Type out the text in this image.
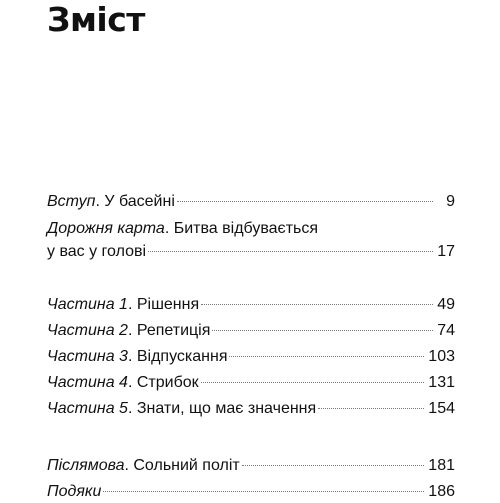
Зміст
Вступ. У басейні	9
Дорожня карта. Битва відбувається
у вас у голові	17
Частина 1. Рішення	49
Частина 2. Репетиція	74
Частина 3. Відпускання	103
Частина 4. Стрибок	131
Частина 5. Знати, що має значення	154
Післямова. Сольний політ	181
Подяки	186
